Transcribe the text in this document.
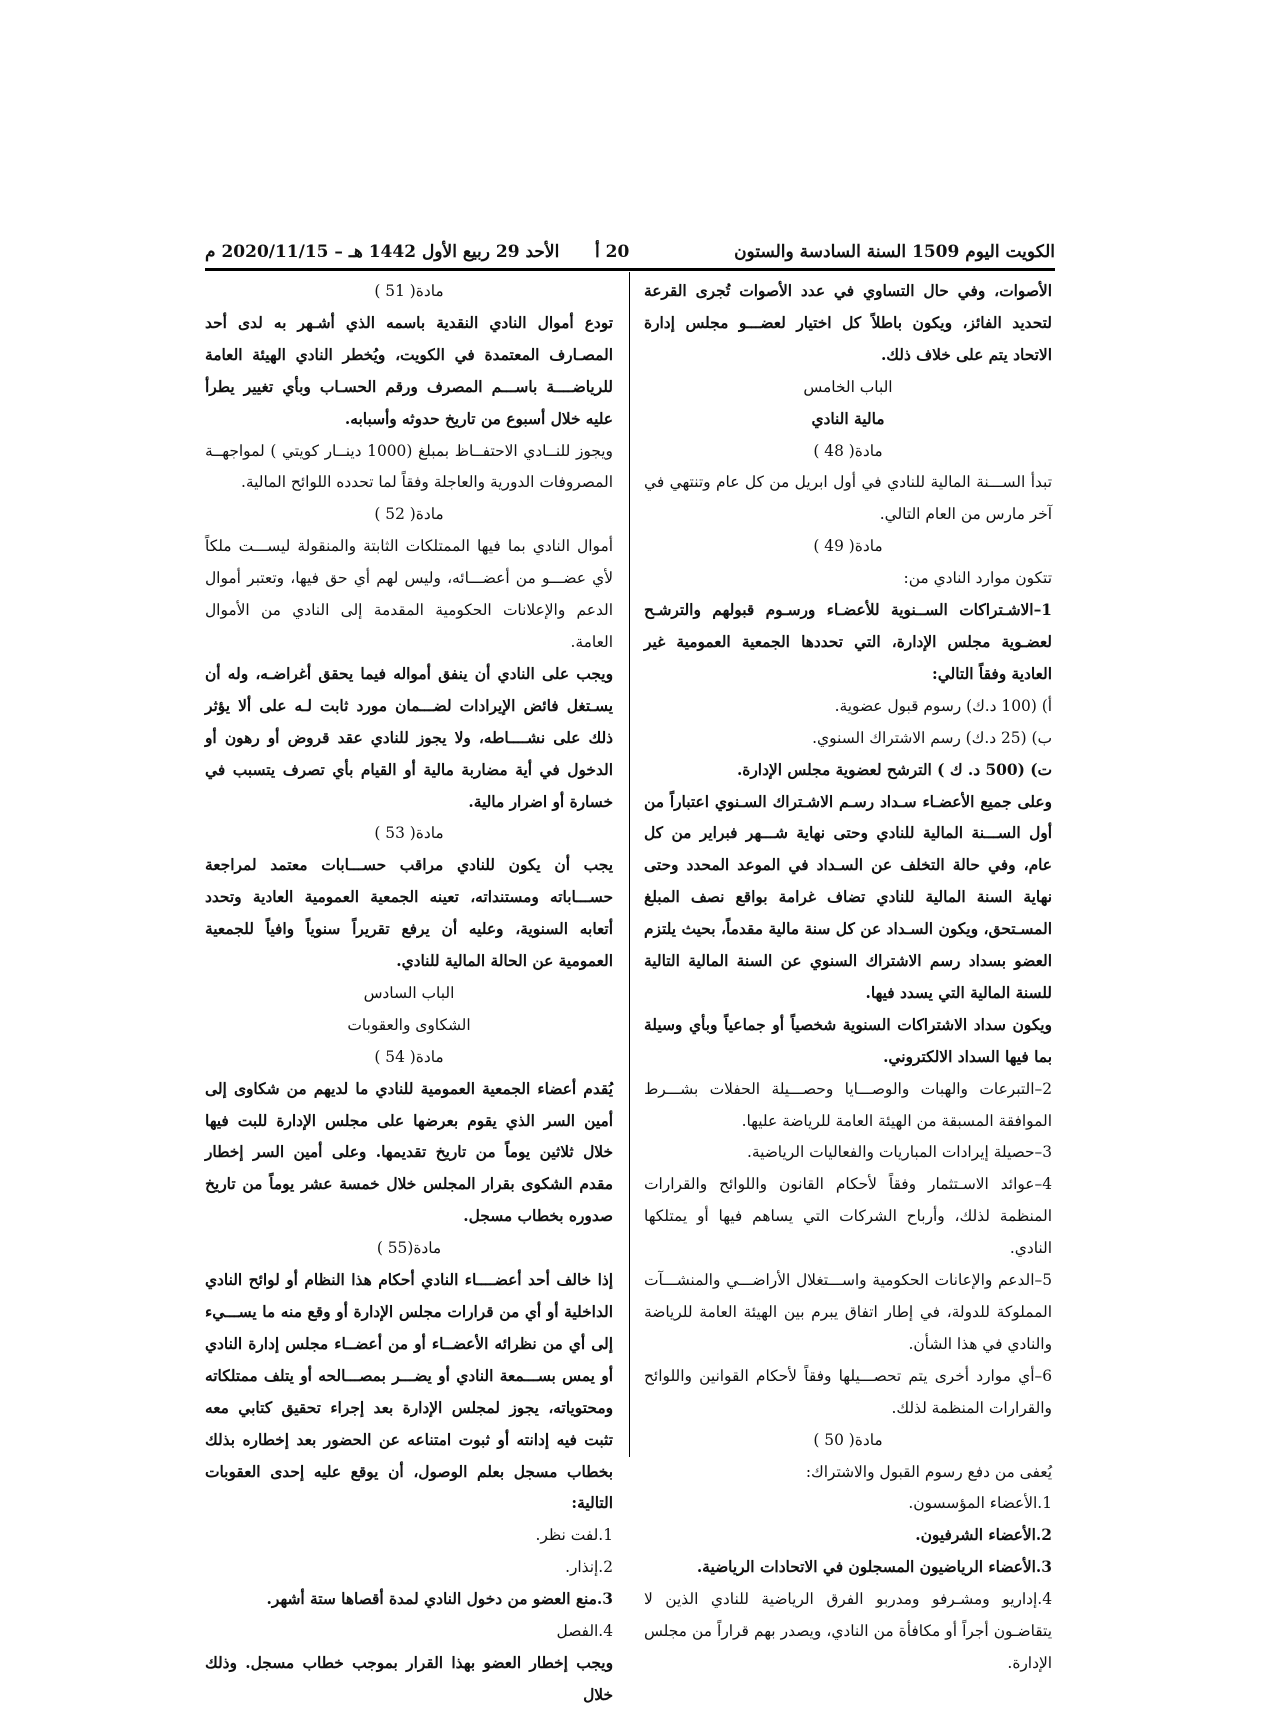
الكويت اليوم 1509 السنة السادسة والستون
20 أ
الأحد 29 ربيع الأول 1442 هـ – 2020/11/15 م

الأصوات، وفي حال التساوي في عدد الأصوات تُجرى القرعة لتحديد الفائز، ويكون باطلاً كل اختيار لعضـــو مجلس إدارة الاتحاد يتم على خلاف ذلك.

الباب الخامس

مالية النادي

مادة( 48 )

تبدأ الســـنة المالية للنادي في أول ابريل من كل عام وتنتهي في آخر مارس من العام التالي.

مادة( 49 )

تتكون موارد النادي من:

1–الاشـتراكات الســنوية للأعضـاء ورسـوم قبولهم والترشـح لعضـوية مجلس الإدارة، التي تحددها الجمعية العمومية غير العادية وفقاً التالي:

أ) (100 د.ك) رسوم قبول عضوية.

ب) (25 د.ك) رسم الاشتراك السنوي.

ت) (500 د. ك ) الترشح لعضوية مجلس الإدارة.

وعلى جميع الأعضـاء سـداد رسـم الاشـتراك السـنوي اعتباراً من أول الســـنة المالية للنادي وحتى نهاية شـــهر فبراير من كل عام، وفي حالة التخلف عن السـداد في الموعد المحدد وحتى نهاية السنة المالية للنادي تضاف غرامة بواقع نصف المبلغ المسـتحق، ويكون السـداد عن كل سنة مالية مقدماً، بحيث يلتزم العضو بسداد رسم الاشتراك السنوي عن السنة المالية التالية للسنة المالية التي يسدد فيها.

ويكون سداد الاشتراكات السنوية شخصياً أو جماعياً وبأي وسيلة بما فيها السداد الالكتروني.

2–التبرعات والهبات والوصـــايا وحصـــيلة الحفلات بشـــرط الموافقة المسبقة من الهيئة العامة للرياضة عليها.

3–حصيلة إيرادات المباريات والفعاليات الرياضية.

4–عوائد الاسـتثمار وفقاً لأحكام القانون واللوائح والقرارات المنظمة لذلك، وأرباح الشركات التي يساهم فيها أو يمتلكها النادي.

5–الدعم والإعانات الحكومية واســـتغلال الأراضـــي والمنشـــآت المملوكة للدولة، في إطار اتفاق يبرم بين الهيئة العامة للرياضة والنادي في هذا الشأن.

6–أي موارد أخرى يتم تحصـــيلها وفقاً لأحكام القوانين واللوائح والقرارات المنظمة لذلك.

مادة( 50 )

يُعفى من دفع رسوم القبول والاشتراك:

1.الأعضاء المؤسسون.

2.الأعضاء الشرفيون.

3.الأعضاء الرياضيون المسجلون في الاتحادات الرياضية.

4.إداريو ومشـرفو ومدربو الفرق الرياضية للنادي الذين لا يتقاضـون أجراً أو مكافأة من النادي، ويصدر بهم قراراً من مجلس الإدارة.

مادة( 51 )

تودع أموال النادي النقدية باسمه الذي أشـهر به لدى أحد المصـارف المعتمدة في الكويت، ويُخطر النادي الهيئة العامة للرياضــــة باســـم المصرف ورقم الحسـاب وبأي تغيير يطرأ عليه خلال أسبوع من تاريخ حدوثه وأسبابه.

ويجوز للنــادي الاحتفــاظ بمبلغ (1000 دينــار كويتي ) لمواجهــة المصروفات الدورية والعاجلة وفقاً لما تحدده اللوائح المالية.

مادة( 52 )

أموال النادي بما فيها الممتلكات الثابتة والمنقولة ليســـت ملكاً لأي عضـــو من أعضـــائه، وليس لهم أي حق فيها، وتعتبر أموال الدعم والإعلانات الحكومية المقدمة إلى النادي من الأموال العامة.

ويجب على النادي أن ينفق أمواله فيما يحقق أغراضـه، وله أن يسـتغل فائض الإيرادات لضـــمان مورد ثابت لـه على ألا يؤثر ذلك على نشــــاطه، ولا يجوز للنادي عقد قروض أو رهون أو الدخول في أية مضاربة مالية أو القيام بأي تصرف يتسبب في خسارة أو اضرار مالية.

مادة( 53 )

يجب أن يكون للنادي مراقب حســـابات معتمد لمراجعة حســـاباته ومستنداته، تعينه الجمعية العمومية العادية وتحدد أتعابه السنوية، وعليه أن يرفع تقريراً سنوياً وافياً للجمعية العمومية عن الحالة المالية للنادي.

الباب السادس

الشكاوى والعقوبات

مادة( 54 )

يُقدم أعضاء الجمعية العمومية للنادي ما لديهم من شكاوى إلى أمين السر الذي يقوم بعرضها على مجلس الإدارة للبت فيها خلال ثلاثين يوماً من تاريخ تقديمها. وعلى أمين السر إخطار مقدم الشكوى بقرار المجلس خلال خمسة عشر يوماً من تاريخ صدوره بخطاب مسجل.

مادة(55 )

إذا خالف أحد أعضــــاء النادي أحكام هذا النظام أو لوائح النادي الداخلية أو أي من قرارات مجلس الإدارة أو وقع منه ما يســـيء إلى أي من نظرائه الأعضــاء أو من أعضــاء مجلس إدارة النادي أو يمس بســـمعة النادي أو يضـــر بمصـــالحه أو يتلف ممتلكاته ومحتوياته، يجوز لمجلس الإدارة بعد إجراء تحقيق كتابي معه تثبت فيه إدانته أو ثبوت امتناعه عن الحضور بعد إخطاره بذلك بخطاب مسجل بعلم الوصول، أن يوقع عليه إحدى العقوبات التالية:

1.لفت نظر.

2.إنذار.

3.منع العضو من دخول النادي لمدة أقصاها ستة أشهر.

4.الفصل

ويجب إخطار العضو بهذا القرار بموجب خطاب مسجل. وذلك خلال
